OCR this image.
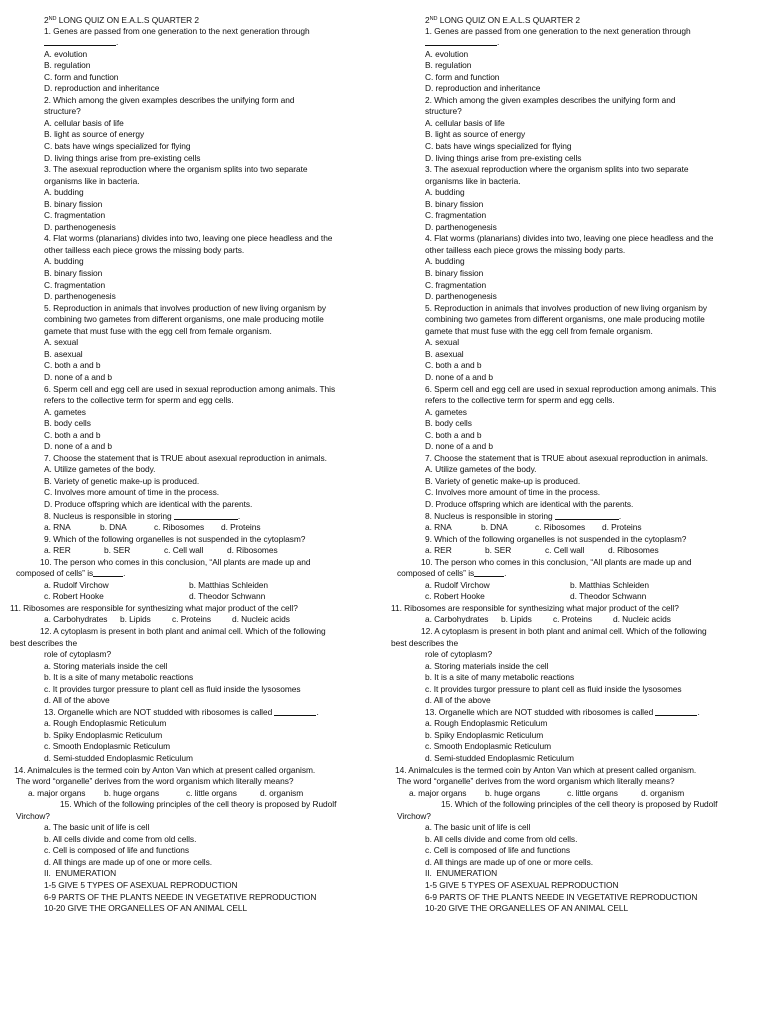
2ND LONG QUIZ ON E.A.L.S QUARTER 2
1. Genes are passed from one generation to the next generation through
.
A. evolution
B. regulation
C. form and function
D. reproduction and inheritance
2. Which among the given examples describes the unifying form and
structure?
A. cellular basis of life
B. light as source of energy
C. bats have wings specialized for flying
D. living things arise from pre-existing cells
3. The asexual reproduction where the organism splits into two separate
organisms like in bacteria.
A. budding
B. binary fission
C. fragmentation
D. parthenogenesis
4. Flat worms (planarians) divides into two, leaving one piece headless and the
other tailless each piece grows the missing body parts.
A. budding
B. binary fission
C. fragmentation
D. parthenogenesis
5. Reproduction in animals that involves production of new living organism by
combining two gametes from different organisms, one male producing motile
gamete that must fuse with the egg cell from female organism.
A. sexual
B. asexual
C. both a and b
D. none of a and b
6. Sperm cell and egg cell are used in sexual reproduction among animals. This
refers to the collective term for sperm and egg cells.
A. gametes
B. body cells
C. both a and b
D. none of a and b
7. Choose the statement that is TRUE about asexual reproduction in animals.
A. Utilize gametes of the body.
B. Variety of genetic make-up is produced.
C. Involves more amount of time in the process.
D. Produce offspring which are identical with the parents.
8. Nucleus is responsible in storing	.
a. RNA	b. DNA	c. Ribosomes d. Proteins
9. Which of the following organelles is not suspended in the cytoplasm?
a. RER	b. SER	c. Cell wall	d. Ribosomes
10. The person who comes in this conclusion, “All plants are made up and
composed of cells” is	.
a. Rudolf Virchow	b. Matthias Schleiden
c. Robert Hooke	d. Theodor Schwann
11. Ribosomes are responsible for synthesizing what major product of the cell?
a. Carbohydrates b. Lipids	c. Proteins d. Nucleic acids
12. A cytoplasm is present in both plant and animal cell. Which of the following
best describes the
role of cytoplasm?
a. Storing materials inside the cell
b. It is a site of many metabolic reactions
c. It provides turgor pressure to plant cell as fluid inside the lysosomes
d. All of the above
13. Organelle which are NOT studded with ribosomes is called	.
a. Rough Endoplasmic Reticulum
b. Spiky Endoplasmic Reticulum
c. Smooth Endoplasmic Reticulum
d. Semi-studded Endoplasmic Reticulum
14. Animalcules is the termed coin by Anton Van which at present called organism.
The word “organelle” derives from the word organism which literally means?
a. major organs b. huge organs	c. little organs	d. organism
15. Which of the following principles of the cell theory is proposed by Rudolf
Virchow?
a. The basic unit of life is cell
b. All cells divide and come from old cells.
c. Cell is composed of life and functions
d. All things are made up of one or more cells.
II.  ENUMERATION
1-5 GIVE 5 TYPES OF ASEXUAL REPRODUCTION
6-9 PARTS OF THE PLANTS NEEDE IN VEGETATIVE REPRODUCTION
10-20 GIVE THE ORGANELLES OF AN ANIMAL CELL
2ND LONG QUIZ ON E.A.L.S QUARTER 2
1. Genes are passed from one generation to the next generation through
.
A. evolution
B. regulation
C. form and function
D. reproduction and inheritance
2. Which among the given examples describes the unifying form and
structure?
A. cellular basis of life
B. light as source of energy
C. bats have wings specialized for flying
D. living things arise from pre-existing cells
3. The asexual reproduction where the organism splits into two separate
organisms like in bacteria.
A. budding
B. binary fission
C. fragmentation
D. parthenogenesis
4. Flat worms (planarians) divides into two, leaving one piece headless and the
other tailless each piece grows the missing body parts.
A. budding
B. binary fission
C. fragmentation
D. parthenogenesis
5. Reproduction in animals that involves production of new living organism by
combining two gametes from different organisms, one male producing motile
gamete that must fuse with the egg cell from female organism.
A. sexual
B. asexual
C. both a and b
D. none of a and b
6. Sperm cell and egg cell are used in sexual reproduction among animals. This
refers to the collective term for sperm and egg cells.
A. gametes
B. body cells
C. both a and b
D. none of a and b
7. Choose the statement that is TRUE about asexual reproduction in animals.
A. Utilize gametes of the body.
B. Variety of genetic make-up is produced.
C. Involves more amount of time in the process.
D. Produce offspring which are identical with the parents.
8. Nucleus is responsible in storing	.
a. RNA	b. DNA	c. Ribosomes d. Proteins
9. Which of the following organelles is not suspended in the cytoplasm?
a. RER	b. SER	c. Cell wall	d. Ribosomes
10. The person who comes in this conclusion, “All plants are made up and
composed of cells” is	.
a. Rudolf Virchow	b. Matthias Schleiden
c. Robert Hooke	d. Theodor Schwann
11. Ribosomes are responsible for synthesizing what major product of the cell?
a. Carbohydrates b. Lipids	c. Proteins d. Nucleic acids
12. A cytoplasm is present in both plant and animal cell. Which of the following
best describes the
role of cytoplasm?
a. Storing materials inside the cell
b. It is a site of many metabolic reactions
c. It provides turgor pressure to plant cell as fluid inside the lysosomes
d. All of the above
13. Organelle which are NOT studded with ribosomes is called	.
a. Rough Endoplasmic Reticulum
b. Spiky Endoplasmic Reticulum
c. Smooth Endoplasmic Reticulum
d. Semi-studded Endoplasmic Reticulum
14. Animalcules is the termed coin by Anton Van which at present called organism.
The word “organelle” derives from the word organism which literally means?
a. major organs b. huge organs	c. little organs	d. organism
15. Which of the following principles of the cell theory is proposed by Rudolf
Virchow?
a. The basic unit of life is cell
b. All cells divide and come from old cells.
c. Cell is composed of life and functions
d. All things are made up of one or more cells.
II.  ENUMERATION
1-5 GIVE 5 TYPES OF ASEXUAL REPRODUCTION
6-9 PARTS OF THE PLANTS NEEDE IN VEGETATIVE REPRODUCTION
10-20 GIVE THE ORGANELLES OF AN ANIMAL CELL
